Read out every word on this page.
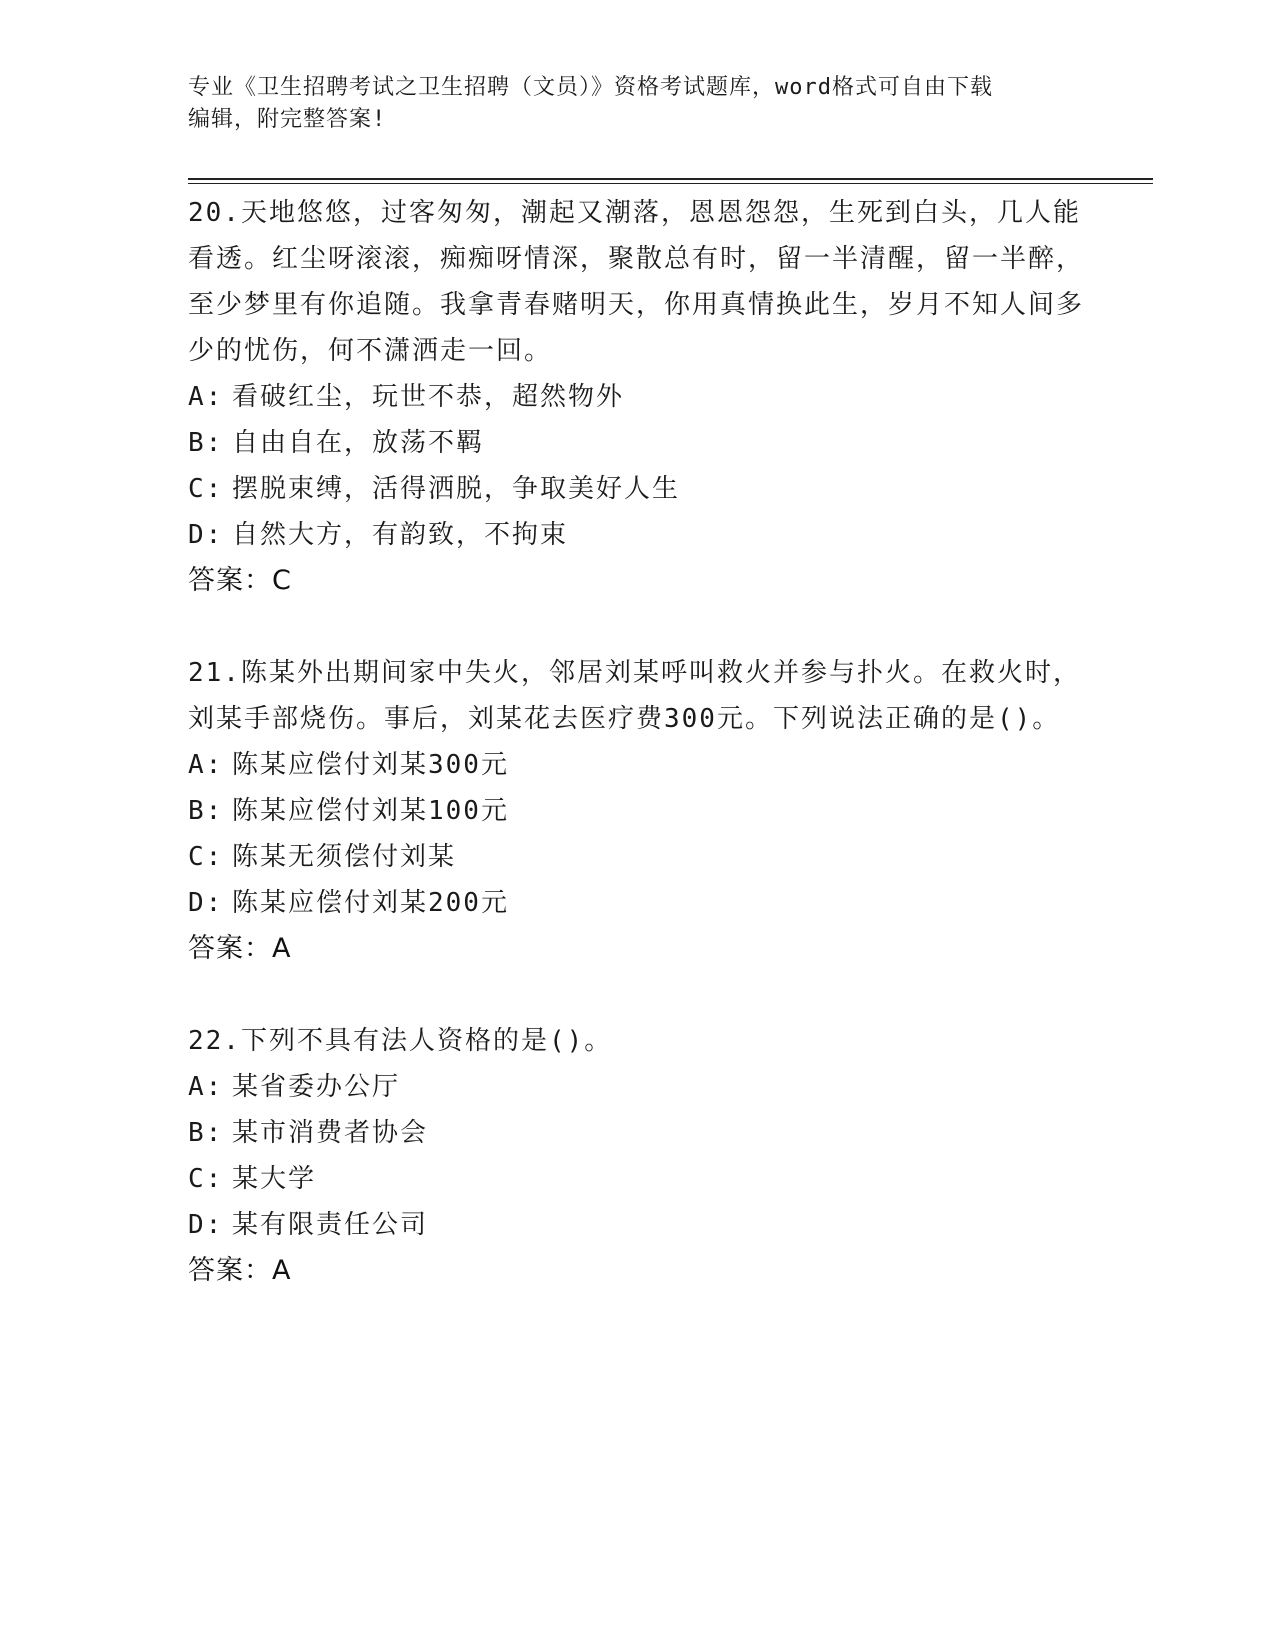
专业《卫生招聘考试之卫生招聘（文员）》资格考试题库，word格式可自由下载
编辑，附完整答案!
20.天地悠悠，过客匆匆，潮起又潮落，恩恩怨怨，生死到白头，几人能看透。红尘呀滚滚，痴痴呀情深，聚散总有时，留一半清醒，留一半醉，至少梦里有你追随。我拿青春赌明天，你用真情换此生，岁月不知人间多少的忧伤，何不潇洒走一回。
A: 看破红尘，玩世不恭，超然物外
B: 自由自在，放荡不羁
C: 摆脱束缚，活得洒脱，争取美好人生
D: 自然大方，有韵致，不拘束
答案：C
21.陈某外出期间家中失火，邻居刘某呼叫救火并参与扑火。在救火时，刘某手部烧伤。事后，刘某花去医疗费300元。下列说法正确的是()。
A: 陈某应偿付刘某300元
B: 陈某应偿付刘某100元
C: 陈某无须偿付刘某
D: 陈某应偿付刘某200元
答案：A
22.下列不具有法人资格的是()。
A: 某省委办公厅
B: 某市消费者协会
C: 某大学
D: 某有限责任公司
答案：A
